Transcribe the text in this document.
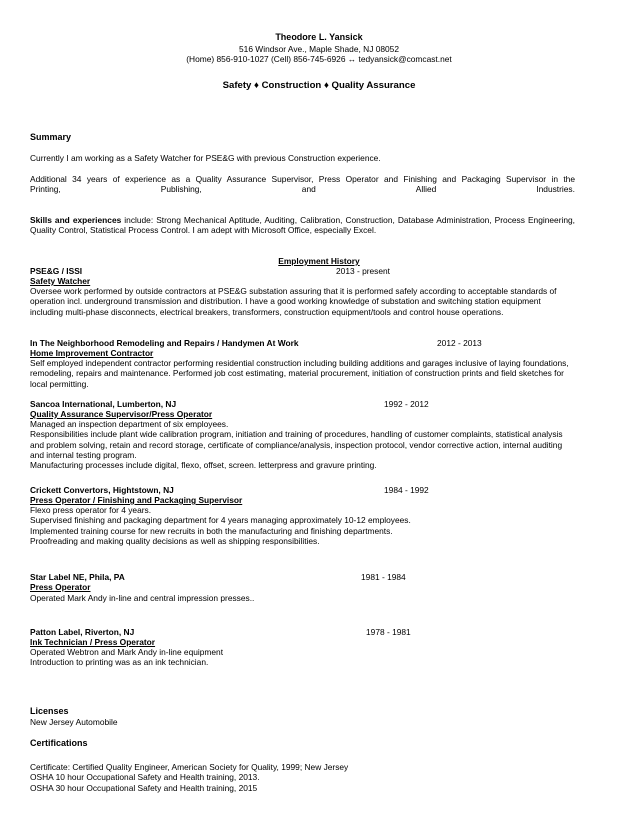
Theodore L. Yansick
516 Windsor Ave., Maple Shade, NJ 08052
(Home) 856-910-1027 (Cell) 856-745-6926 ↔ tedyansick@comcast.net
Safety ♦ Construction ♦ Quality Assurance
Summary
Currently I am working as a Safety Watcher for PSE&G with previous Construction experience.

Additional 34 years of experience as a Quality Assurance Supervisor, Press Operator and Finishing and Packaging Supervisor in the

Printing,	Publishing,	and	Allied	Industries.

Skills and experiences include: Strong Mechanical Aptitude, Auditing, Calibration, Construction, Database Administration, Process Engineering, Quality Control, Statistical Process Control. I am adept with Microsoft Office, especially Excel.
Employment History
PSE&G / ISSI	2013 - present
Safety Watcher
Oversee work performed by outside contractors at PSE&G substation assuring that it is performed safely according to acceptable standards of operation incl. underground transmission and distribution. I have a good working knowledge of substation and switching station equipment including multi-phase disconnects, electrical breakers, transformers, construction equipment/tools and control house operations.
In The Neighborhood Remodeling and Repairs / Handymen At Work	2012 - 2013
Home Improvement Contractor
Self employed independent contractor performing residential construction including building additions and garages inclusive of laying foundations, remodeling, repairs and maintenance. Performed job cost estimating, material procurement, initiation of construction prints and field sketches for local permitting.
Sancoa International, Lumberton, NJ	1992 - 2012
Quality Assurance Supervisor/Press Operator

Managed an inspection department of six employees.

Responsibilities include plant wide calibration program, initiation and training of procedures, handling of customer complaints, statistical analysis and problem solving, retain and record storage, certificate of compliance/analysis, inspection protocol, vendor corrective action, internal auditing and internal testing program.

Manufacturing processes include digital, flexo, offset, screen. letterpress and gravure printing.

Crickett Convertors, Hightstown, NJ	1984 - 1992
Press Operator / Finishing and Packaging Supervisor

Flexo press operator for 4 years.

Supervised finishing and packaging department for 4 years managing approximately 10-12 employees.

Implemented training course for new recruits in both the manufacturing and finishing departments.

Proofreading and making quality decisions as well as shipping responsibilities.

Star Label NE, Phila, PA	1981 - 1984
Press Operator
Operated Mark Andy in-line and central impression presses..
Patton Label, Riverton, NJ	1978 - 1981
Ink Technician / Press Operator

Operated Webtron and Mark Andy in-line equipment

Introduction to printing was as an ink technician.

Licenses
New Jersey Automobile
Certifications

Certificate: Certified Quality Engineer, American Society for Quality, 1999; New Jersey

OSHA 10 hour Occupational Safety and Health training, 2013.

OSHA 30 hour Occupational Safety and Health training, 2015
